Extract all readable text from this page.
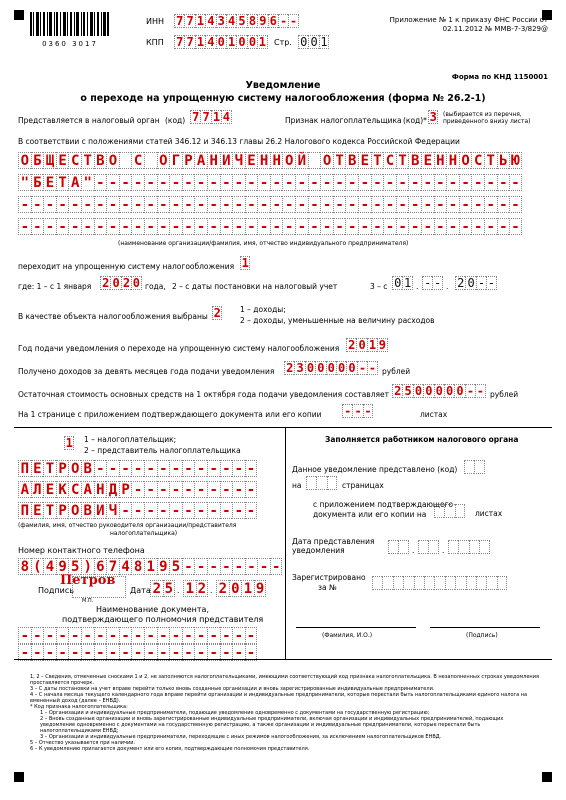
0360 3017
ИНН 7 7 1 4 3 4 5 8 9 6 - -
КПП 7 7 1 4 0 1 0 0 1 Стр. 0 0 1
Приложение № 1 к приказу ФНС России от
02.11.2012 № ММВ-7-3/829@
Форма по КНД 1150001
Уведомление
о переходе на упрощенную систему налогообложения (форма № 26.2-1)
Представляется в налоговый орган (код) 7 7 1 4	Признак налогоплательщика (код)* 3 (выбирается из перечня, приведенного внизу листа)
В соответствии с положениями статей 346.12 и 346.13 главы 26.2 Налогового кодекса Российской Федерации
О Б Щ Е С Т В О
С
О Г Р А Н И Ч Е Н Н О Й
О Т В Е Т С Т В Е Н Н О С Т Ь Ю
" Б Е Т А " - - - - - - - - - - - - - - - - - - - - - - - - - - - - - - - - - -
- - - - - - - - - - - - - - - - - - - - - - - - - - - - - - - - - - - - - - - -
- - - - - - - - - - - - - - - - - - - - - - - - - - - - - - - - - - - - - - - -
(наименование организации/фамилия, имя, отчество индивидуального предпринимателя)
переходит на упрощенную систему налогообложения 1
где: 1 – с 1 января 2 0 2 0 года, 2 – с даты постановки на налоговый учет	3 – с 0 1 . - - . 2 0 - -
В качестве объекта налогообложения выбраны 2	1 – доходы;
2 – доходы, уменьшенные на величину расходов
Год подачи уведомления о переходе на упрощенную систему налогообложения 2 0 1 9
Получено доходов за девять месяцев года подачи уведомления 2 3 0 0 0 0 0 - - рублей
Остаточная стоимость основных средств на 1 октября года подачи уведомления составляет 2 5 0 0 0 0 0 - - рублей
На 1 странице с приложением подтверждающего документа или его копии - - -	листах
1 1 – налогоплательщик;
2 – представитель налогоплательщика
П Е Т Р О В - - - - - - - - - - - - -
А Л Е К С А Н Д Р - - - - - - - - - -
П Е Т Р О В И Ч - - - - - - - - - - -
(фамилия, имя, отчество руководителя организации/представителя
налогоплательщика)
Номер контактного телефона
8 ( 4 9 5 ) 6 7 4 8 1 9 5 - - - - - - - -
Подпись
Петров
М.П.
Дата 2 5 . 1 2 . 2 0 1 9
Наименование документа,
подтверждающего полномочия представителя
- - - - - - - - - - - - - - - - - - -
- - - - - - - - - - - - - - - - - - -
Заполняется работником налогового органа
Данное уведомление представлено (код)

на

	страницах
с приложением подтверждающего
документа или его копии на

	листах
Дата представления
уведомления

	.

	.

Зарегистрировано
за №

(Фамилия, И.О.)	(Подпись)
1, 2 – Сведения, отмеченные сносками 1 и 2, не заполняются налогоплательщиками, имеющими соответствующий код признака налогоплательщика. В незаполненных строках уведомления проставляется прочерк.
3 – С даты постановки на учет вправе перейти только вновь созданные организации и вновь зарегистрированные индивидуальные предприниматели.
4 – С начала месяца текущего календарного года вправе перейти организации и индивидуальные предприниматели, которые перестали быть налогоплательщиками единого налога на вмененный доход (далее – ЕНВД).
* Код признака налогоплательщика:
1 – Организации и индивидуальные предприниматели, подающие уведомление одновременно с документами на государственную регистрацию;
2 – Вновь созданные организации и вновь зарегистрированные индивидуальные предприниматели, включая организации и индивидуальных предпринимателей, подающих уведомление одновременно с документами на государственную регистрацию, а также организации и индивидуальные предприниматели, которые перестали быть налогоплательщиками ЕНВД;
3 – Организации и индивидуальные предприниматели, переходящие с иных режимов налогообложения, за исключением налогоплательщиков ЕНВД.
5 – Отчество указывается при наличии.
6 – К уведомлению прилагается документ или его копия, подтверждающие полномочия представителя.
